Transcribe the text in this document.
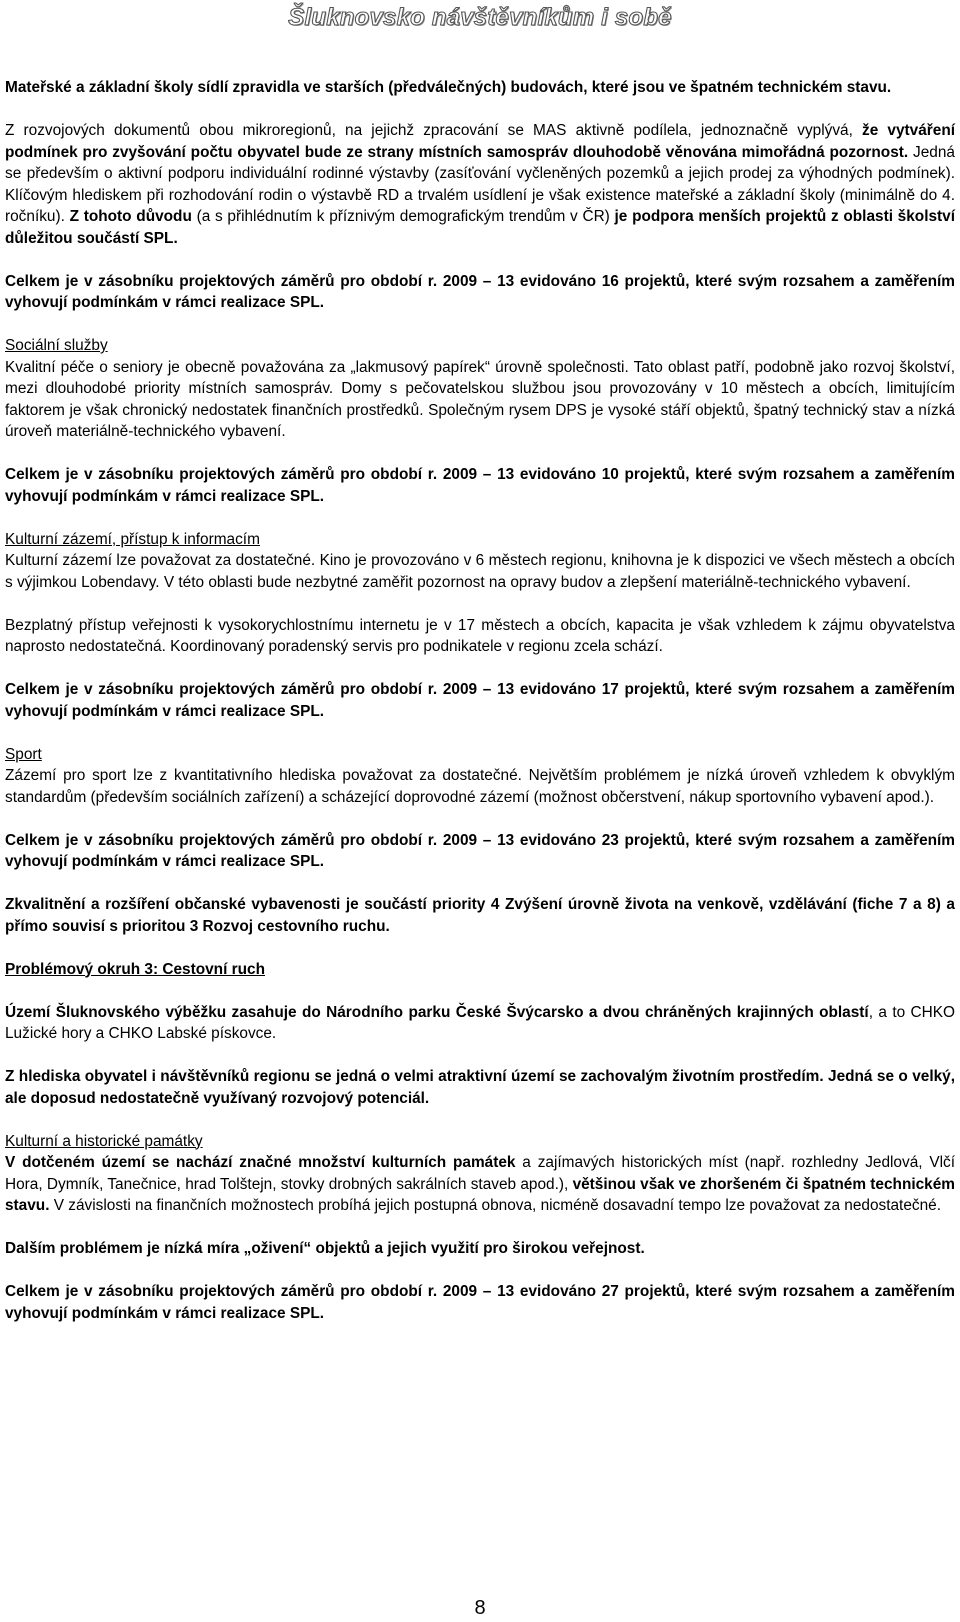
Šluknovsko návštěvníkům i sobě

Mateřské a základní školy sídlí zpravidla ve starších (předválečných) budovách, které jsou ve špatném technickém stavu.

Z rozvojových dokumentů obou mikroregionů, na jejichž zpracování se MAS aktivně podílela, jednoznačně vyplývá, že vytváření podmínek pro zvyšování počtu obyvatel bude ze strany místních samospráv dlouhodobě věnována mimořádná pozornost. Jedná se především o aktivní podporu individuální rodinné výstavby (zasíťování vyčleněných pozemků a jejich prodej za výhodných podmínek). Klíčovým hlediskem při rozhodování rodin o výstavbě RD a trvalém usídlení je však existence mateřské a základní školy (minimálně do 4. ročníku). Z tohoto důvodu (a s přihlédnutím k příznivým demografickým trendům v ČR) je podpora menších projektů z oblasti školství důležitou součástí SPL.

Celkem je v zásobníku projektových záměrů pro období r. 2009 – 13 evidováno 16 projektů, které svým rozsahem a zaměřením vyhovují podmínkám v rámci realizace SPL.

Sociální služby

Kvalitní péče o seniory je obecně považována za „lakmusový papírek“ úrovně společnosti. Tato oblast patří, podobně jako rozvoj školství, mezi dlouhodobé priority místních samospráv. Domy s pečovatelskou službou jsou provozovány v 10 městech a obcích, limitujícím faktorem je však chronický nedostatek finančních prostředků. Společným rysem DPS je vysoké stáří objektů, špatný technický stav a nízká úroveň materiálně-technického vybavení.

Celkem je v zásobníku projektových záměrů pro období r. 2009 – 13 evidováno 10 projektů, které svým rozsahem a zaměřením vyhovují podmínkám v rámci realizace SPL.

Kulturní zázemí, přístup k informacím

Kulturní zázemí lze považovat za dostatečné. Kino je provozováno v 6 městech regionu, knihovna je k dispozici ve všech městech a obcích s výjimkou Lobendavy. V této oblasti bude nezbytné zaměřit pozornost na opravy budov a zlepšení materiálně-technického vybavení.

Bezplatný přístup veřejnosti k vysokorychlostnímu internetu je v 17 městech a obcích, kapacita je však vzhledem k zájmu obyvatelstva naprosto nedostatečná. Koordinovaný poradenský servis pro podnikatele v regionu zcela schází.

Celkem je v zásobníku projektových záměrů pro období r. 2009 – 13 evidováno 17 projektů, které svým rozsahem a zaměřením vyhovují podmínkám v rámci realizace SPL.

Sport

Zázemí pro sport lze z kvantitativního hlediska považovat za dostatečné. Největším problémem je nízká úroveň vzhledem k obvyklým standardům (především sociálních zařízení) a scházející doprovodné zázemí (možnost občerstvení, nákup sportovního vybavení apod.).

Celkem je v zásobníku projektových záměrů pro období r. 2009 – 13 evidováno 23 projektů, které svým rozsahem a zaměřením vyhovují podmínkám v rámci realizace SPL.

Zkvalitnění a rozšíření občanské vybavenosti je součástí priority 4 Zvýšení úrovně života na venkově, vzdělávání (fiche 7 a 8) a přímo souvisí s prioritou 3 Rozvoj cestovního ruchu.

Problémový okruh 3: Cestovní ruch

Území Šluknovského výběžku zasahuje do Národního parku České Švýcarsko a dvou chráněných krajinných oblastí, a to CHKO Lužické hory a CHKO Labské pískovce.

Z hlediska obyvatel i návštěvníků regionu se jedná o velmi atraktivní území se zachovalým životním prostředím. Jedná se o velký, ale doposud nedostatečně využívaný rozvojový potenciál.

Kulturní a historické památky

V dotčeném území se nachází značné množství kulturních památek a zajímavých historických míst (např. rozhledny Jedlová, Vlčí Hora, Dymník, Tanečnice, hrad Tolštejn, stovky drobných sakrálních staveb apod.), většinou však ve zhoršeném či špatném technickém stavu. V závislosti na finančních možnostech probíhá jejich postupná obnova, nicméně dosavadní tempo lze považovat za nedostatečné.

Dalším problémem je nízká míra „oživení“ objektů a jejich využití pro širokou veřejnost.

Celkem je v zásobníku projektových záměrů pro období r. 2009 – 13 evidováno 27 projektů, které svým rozsahem a zaměřením vyhovují podmínkám v rámci realizace SPL.

8
